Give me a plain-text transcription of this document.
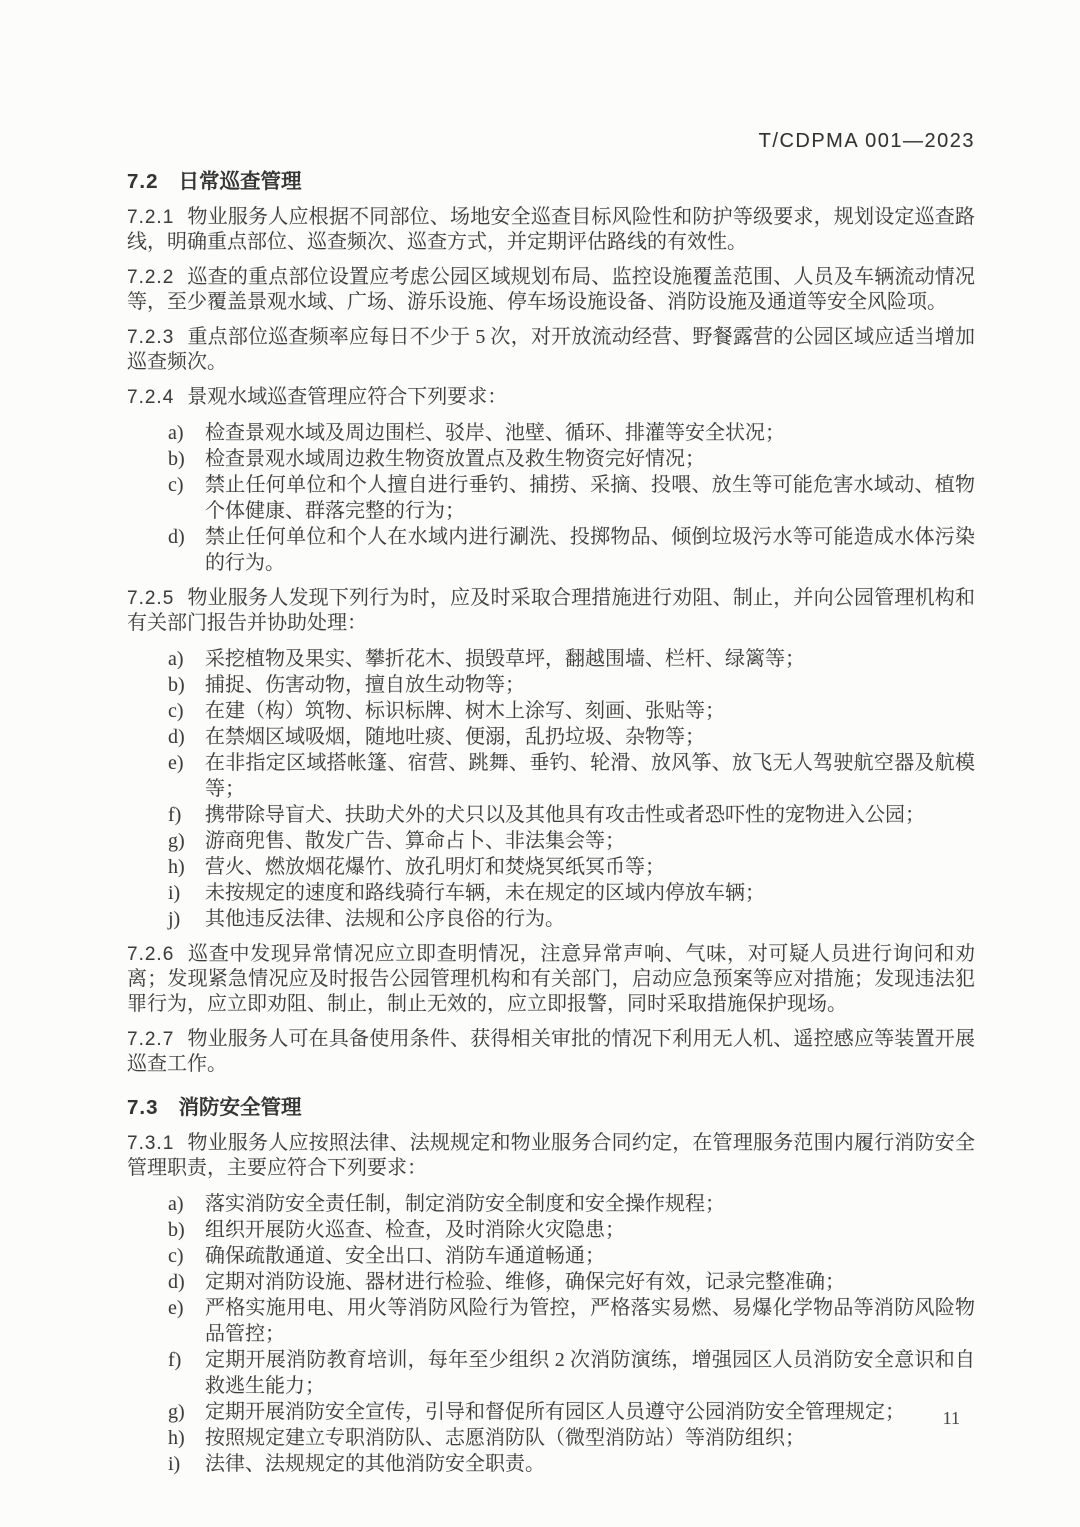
T/CDPMA 001—2023
7.2 日常巡查管理

7.2.1 物业服务人应根据不同部位、场地安全巡查目标风险性和防护等级要求，规划设定巡查路线，明确重点部位、巡查频次、巡查方式，并定期评估路线的有效性。

7.2.2 巡查的重点部位设置应考虑公园区域规划布局、监控设施覆盖范围、人员及车辆流动情况等，至少覆盖景观水域、广场、游乐设施、停车场设施设备、消防设施及通道等安全风险项。

7.2.3 重点部位巡查频率应每日不少于 5 次，对开放流动经营、野餐露营的公园区域应适当增加巡查频次。

7.2.4 景观水域巡查管理应符合下列要求：

a)	检查景观水域及周边围栏、驳岸、池壁、循环、排灌等安全状况；
b)	检查景观水域周边救生物资放置点及救生物资完好情况；
c)	禁止任何单位和个人擅自进行垂钓、捕捞、采摘、投喂、放生等可能危害水域动、植物个体健康、群落完整的行为；
d)	禁止任何单位和个人在水域内进行涮洗、投掷物品、倾倒垃圾污水等可能造成水体污染的行为。

7.2.5 物业服务人发现下列行为时，应及时采取合理措施进行劝阻、制止，并向公园管理机构和有关部门报告并协助处理：

a)	采挖植物及果实、攀折花木、损毁草坪，翻越围墙、栏杆、绿篱等；
b)	捕捉、伤害动物，擅自放生动物等；
c)	在建（构）筑物、标识标牌、树木上涂写、刻画、张贴等；
d)	在禁烟区域吸烟，随地吐痰、便溺，乱扔垃圾、杂物等；
e)	在非指定区域搭帐篷、宿营、跳舞、垂钓、轮滑、放风筝、放飞无人驾驶航空器及航模等；
f)	携带除导盲犬、扶助犬外的犬只以及其他具有攻击性或者恐吓性的宠物进入公园；
g)	游商兜售、散发广告、算命占卜、非法集会等；
h)	营火、燃放烟花爆竹、放孔明灯和焚烧冥纸冥币等；
i)	未按规定的速度和路线骑行车辆，未在规定的区域内停放车辆；
j)	其他违反法律、法规和公序良俗的行为。

7.2.6 巡查中发现异常情况应立即查明情况，注意异常声响、气味，对可疑人员进行询问和劝离；发现紧急情况应及时报告公园管理机构和有关部门，启动应急预案等应对措施；发现违法犯罪行为，应立即劝阻、制止，制止无效的，应立即报警，同时采取措施保护现场。

7.2.7 物业服务人可在具备使用条件、获得相关审批的情况下利用无人机、遥控感应等装置开展巡查工作。

7.3 消防安全管理

7.3.1 物业服务人应按照法律、法规规定和物业服务合同约定，在管理服务范围内履行消防安全管理职责，主要应符合下列要求：

a)	落实消防安全责任制，制定消防安全制度和安全操作规程；
b)	组织开展防火巡查、检查，及时消除火灾隐患；
c)	确保疏散通道、安全出口、消防车通道畅通；
d)	定期对消防设施、器材进行检验、维修，确保完好有效，记录完整准确；
e)	严格实施用电、用火等消防风险行为管控，严格落实易燃、易爆化学物品等消防风险物品管控；
f)	定期开展消防教育培训，每年至少组织 2 次消防演练，增强园区人员消防安全意识和自救逃生能力；
g)	定期开展消防安全宣传，引导和督促所有园区人员遵守公园消防安全管理规定；
h)	按照规定建立专职消防队、志愿消防队（微型消防站）等消防组织；
i)	法律、法规规定的其他消防安全职责。
11
